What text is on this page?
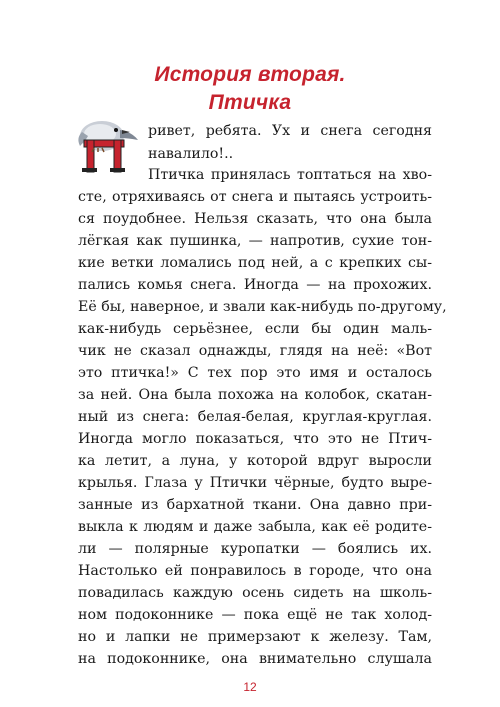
История вторая.
Птичка

ривет, ребята. Ух и снега сегодня

навалило!..

Птичка принялась топтаться на хво-

сте, отряхиваясь от снега и пытаясь устроить-

ся поудобнее. Нельзя сказать, что она была

лёгкая как пушинка, — напротив, сухие тон-

кие ветки ломались под ней, а с крепких сы-

пались комья снега. Иногда — на прохожих.

Её бы, наверное, и звали как-нибудь по-другому,

как-нибудь серьёзнее, если бы один маль-

чик не сказал однажды, глядя на неё: «Вот

это птичка!» С тех пор это имя и осталось

за ней. Она была похожа на колобок, скатан-

ный из снега: белая-белая, круглая-круглая.

Иногда могло показаться, что это не Птич-

ка летит, а луна, у которой вдруг выросли

крылья. Глаза у Птички чёрные, будто выре-

занные из бархатной ткани. Она давно при-

выкла к людям и даже забыла, как её родите-

ли — полярные куропатки — боялись их.

Настолько ей понравилось в городе, что она

повадилась каждую осень сидеть на школь-

ном подоконнике — пока ещё не так холод-

но и лапки не примерзают к железу. Там,

на подоконнике, она внимательно слушала

12
